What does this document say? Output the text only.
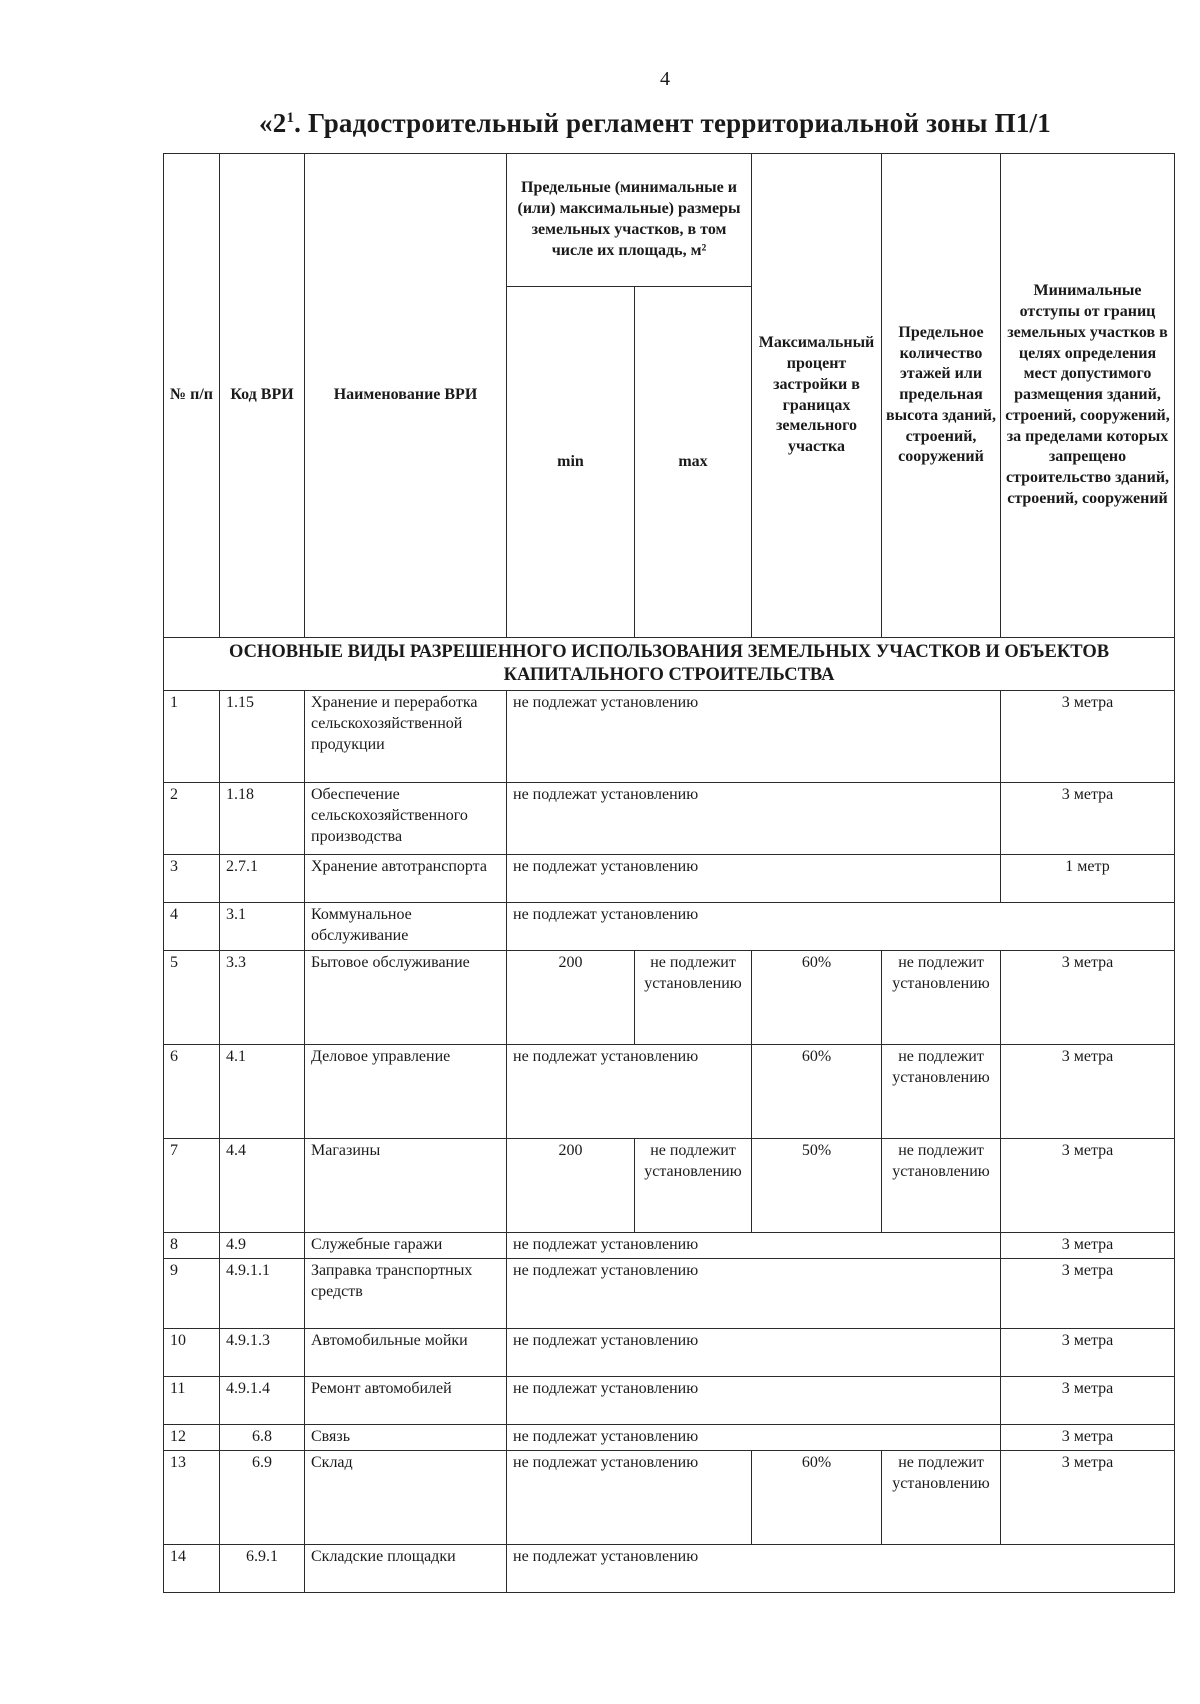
4
«$2^1$. Градостроительный регламент территориальной зоны П1/1
№ п/п	Код ВРИ	Наименование ВРИ	Предельные (минимальные и (или) максимальные) размеры земельных участков, в том числе их площадь, м²		Максимальный процент застройки в границах земельного участка	Предельное количество этажей или предельная высота зданий, строений, сооружений	Минимальные отступы от границ земельных участков в целях определения мест допустимого размещения зданий, строений, сооружений, за пределами которых запрещено строительство зданий, строений, сооружений
			min	max			
ОСНОВНЫЕ ВИДЫ РАЗРЕШЕННОГО ИСПОЛЬЗОВАНИЯ ЗЕМЕЛЬНЫХ УЧАСТКОВ И ОБЪЕКТОВ КАПИТАЛЬНОГО СТРОИТЕЛЬСТВА							
1	1.15	Хранение и переработка сельскохозяйственной продукции	не подлежат установлению				3 метра
2	1.18	Обеспечение сельскохозяйственного производства	не подлежат установлению				3 метра
3	2.7.1	Хранение автотранспорта	не подлежат установлению				1 метр
4	3.1	Коммунальное обслуживание	не подлежат установлению				
5	3.3	Бытовое обслуживание	200	не подлежит установлению	60%	не подлежит установлению	3 метра
6	4.1	Деловое управление	не подлежат установлению		60%	не подлежит установлению	3 метра
7	4.4	Магазины	200	не подлежит установлению	50%	не подлежит установлению	3 метра
8	4.9	Служебные гаражи	не подлежат установлению				3 метра
9	4.9.1.1	Заправка транспортных средств	не подлежат установлению				3 метра
10	4.9.1.3	Автомобильные мойки	не подлежат установлению				3 метра
11	4.9.1.4	Ремонт автомобилей	не подлежат установлению				3 метра
12	6.8	Связь	не подлежат установлению				3 метра
13	6.9	Склад	не подлежат установлению		60%	не подлежит установлению	3 метра
14	6.9.1	Складские площадки	не подлежат установлению				
